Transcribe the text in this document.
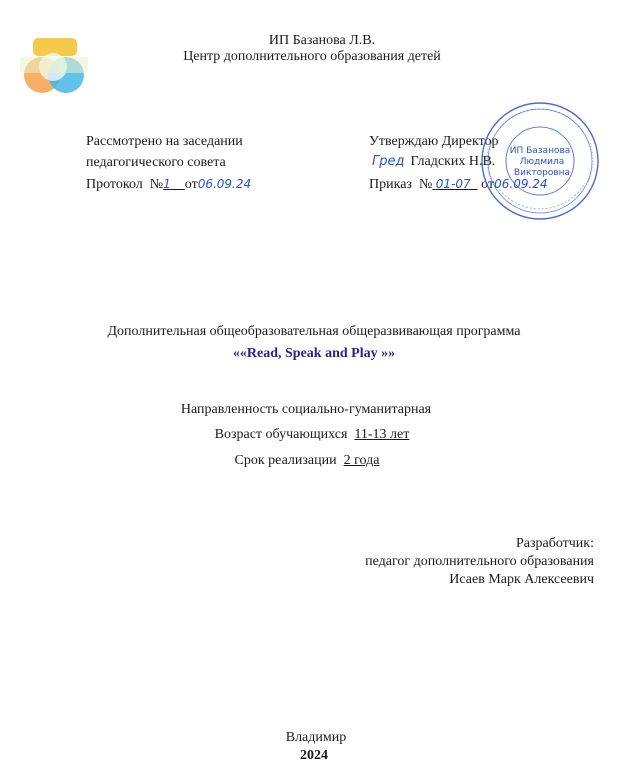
ИП Базанова Л.В.
Центр дополнительного образования детей
Рассмотрено на заседании
педагогического совета
Протокол №1 от06.09.24
Утверждаю Директор
Гред Гладских Н.В.
Приказ № 01-07 от06.09.24
ИП Базанова
Людмила
Викторовна
Дополнительная общеобразовательная общеразвивающая программа
««Read, Speak and Play »»
Направленность социально-гуманитарная
Возраст обучающихся 11-13 лет
Срок реализации 2 года
Разработчик:
педагог дополнительного образования
Исаев Марк Алексеевич
Владимир
2024
